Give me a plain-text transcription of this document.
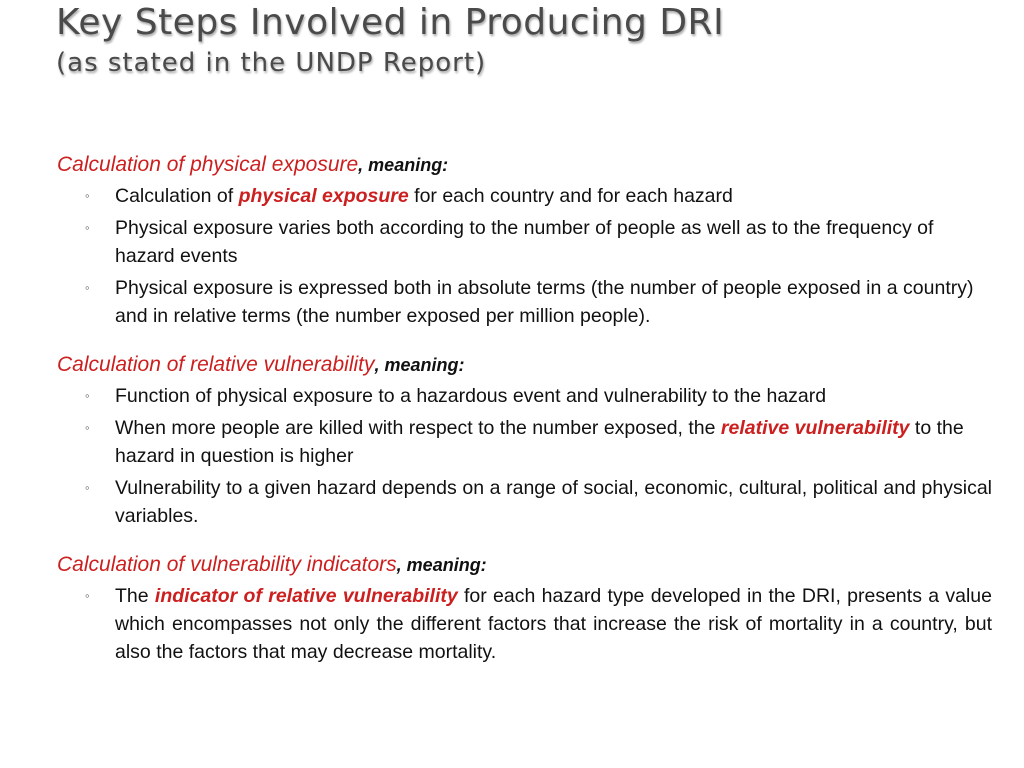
Key Steps Involved in Producing DRI
(as stated in the UNDP Report)

Calculation of physical exposure, meaning:

◦ Calculation of physical exposure for each country and for each hazard
◦ Physical exposure varies both according to the number of people as well as to the frequency of hazard events
◦ Physical exposure is expressed both in absolute terms (the number of people exposed in a country) and in relative terms (the number exposed per million people).

Calculation of relative vulnerability, meaning:

◦ Function of physical exposure to a hazardous event and vulnerability to the hazard
◦ When more people are killed with respect to the number exposed, the relative vulnerability to the hazard in question is higher
◦ Vulnerability to a given hazard depends on a range of social, economic, cultural, political and physical variables.

Calculation of vulnerability indicators, meaning:

◦ The indicator of relative vulnerability for each hazard type developed in the DRI, presents a value which encompasses not only the different factors that increase the risk of mortality in a country, but also the factors that may decrease mortality.
